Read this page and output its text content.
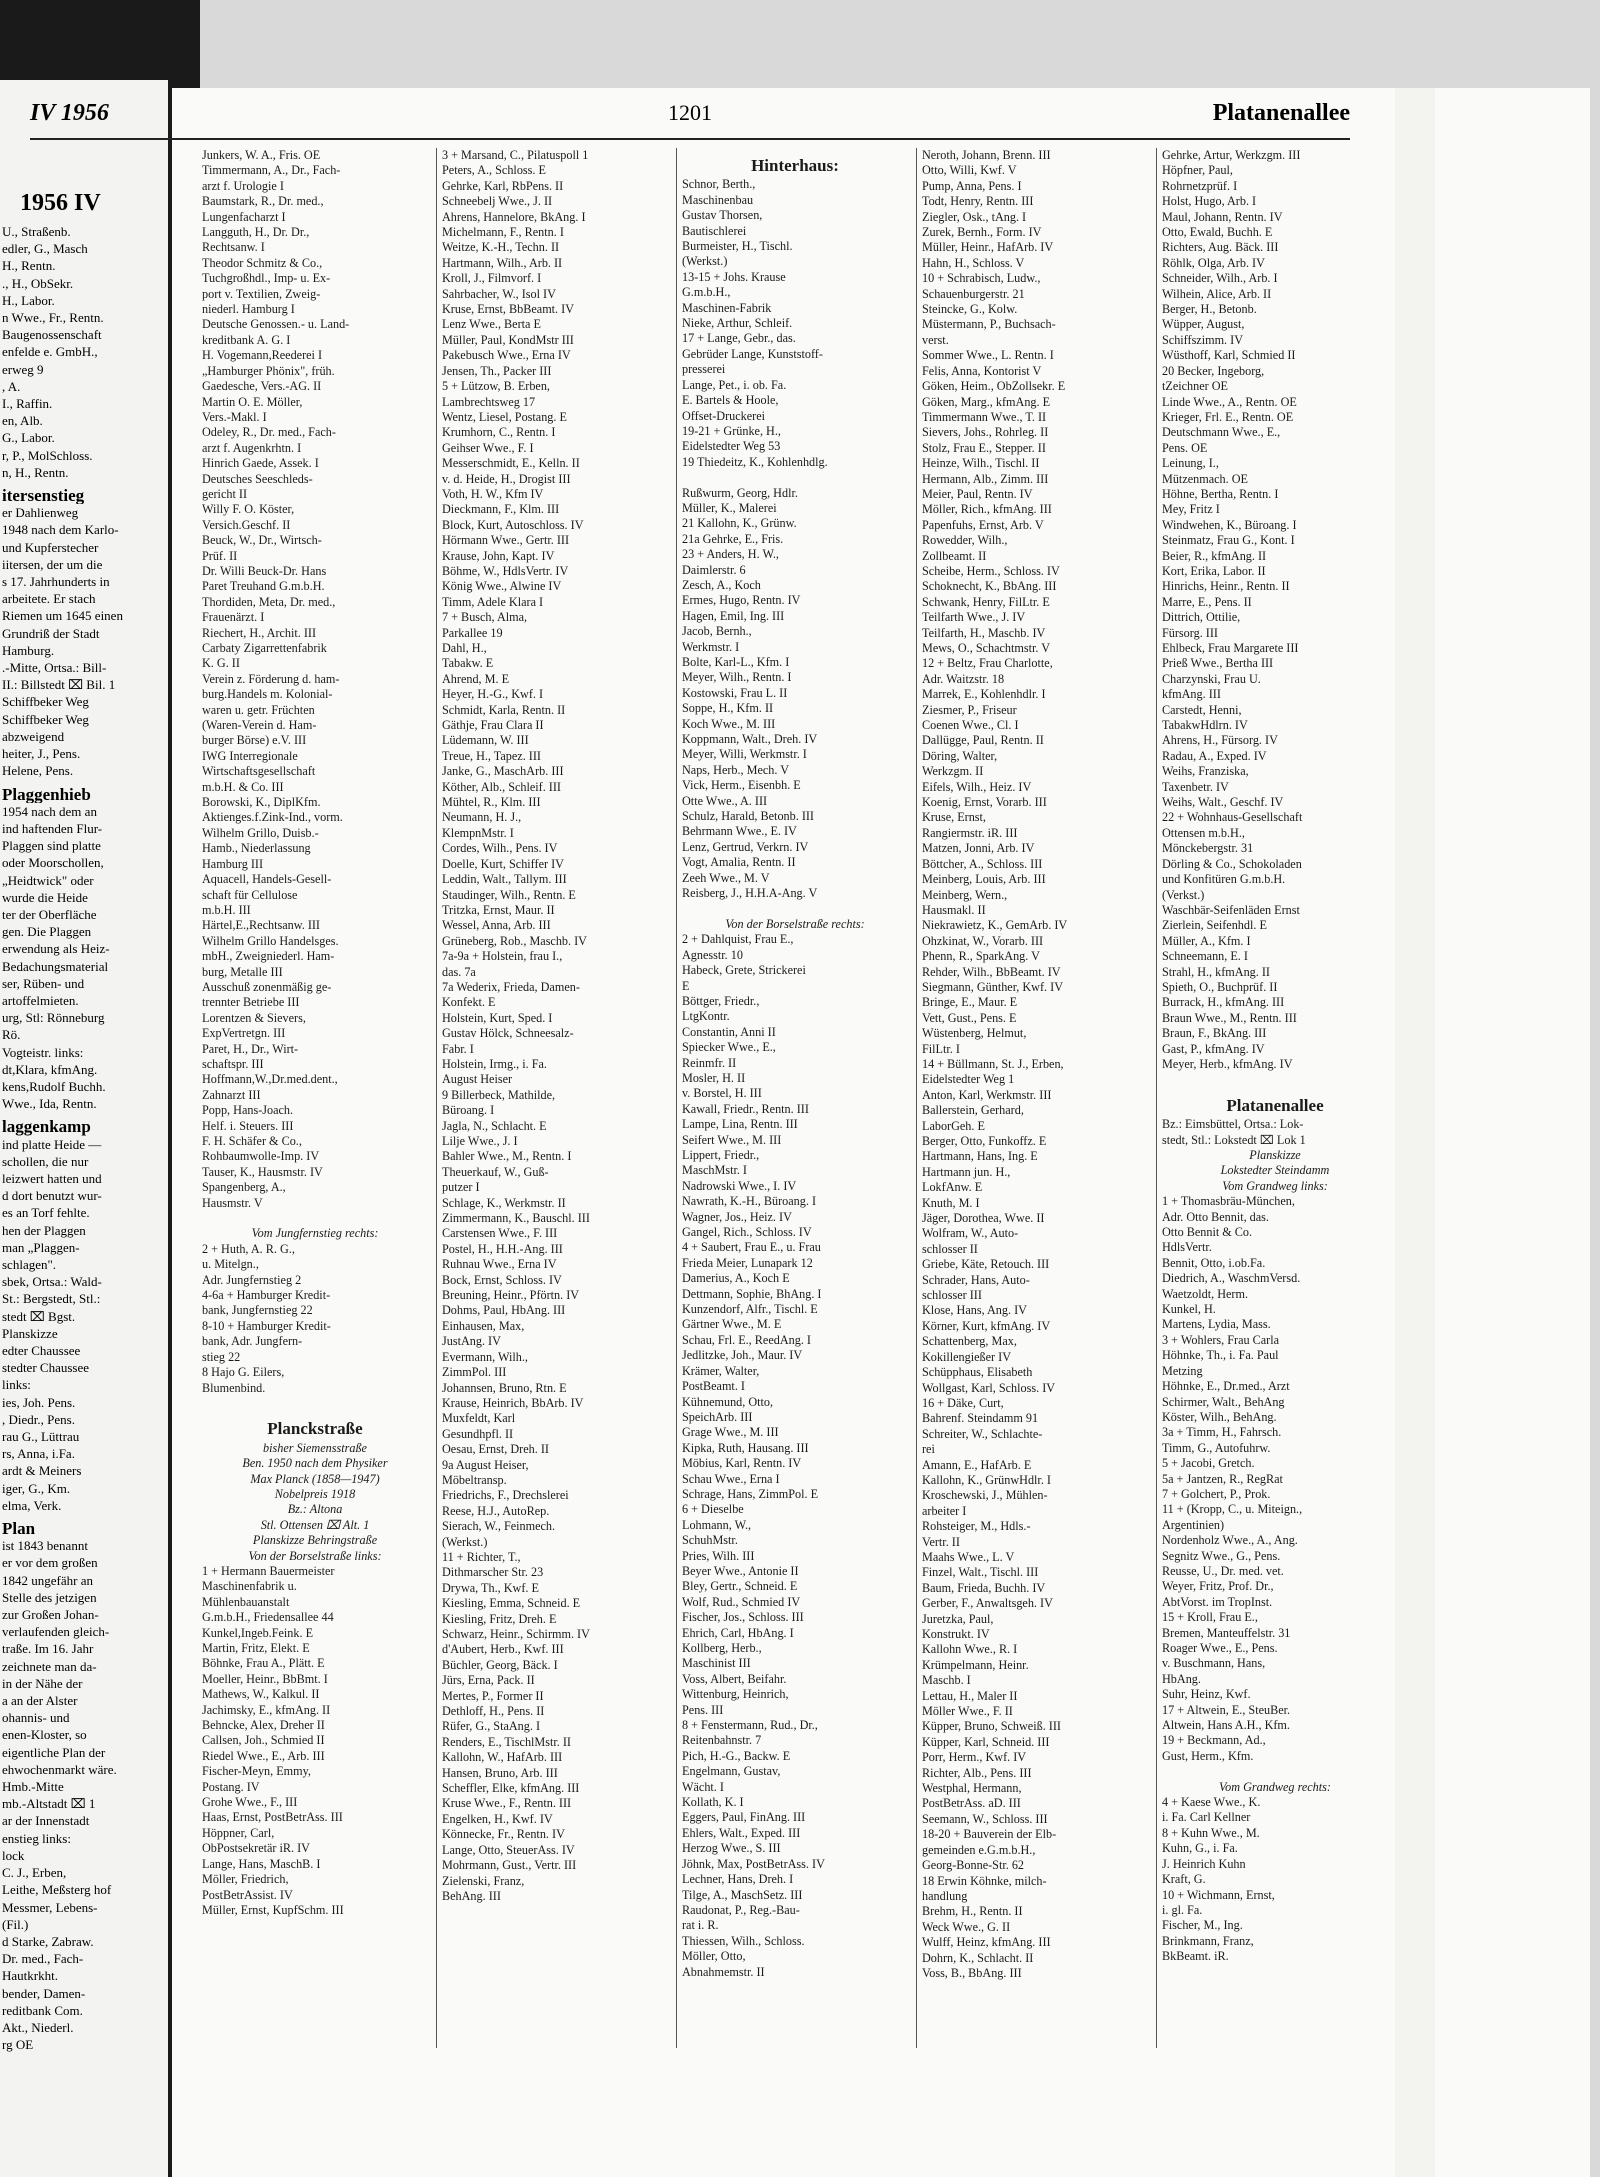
1956 IV
U., Straßenb.
edler, G., Masch
H., Rentn.
., H., ObSekr.
H., Labor.
n Wwe., Fr., Rentn.
Baugenossenschaft
enfelde e. GmbH.,
erweg 9
, A.
I., Raffin.
en, Alb.
G., Labor.
r, P., MolSchloss.
n, H., Rentn.
itersenstieg
er Dahlienweg
1948 nach dem Karlo-
und Kupferstecher
iitersen, der um die
s 17. Jahrhunderts in
arbeitete. Er stach
Riemen um 1645 einen
Grundriß der Stadt
Hamburg.
.-Mitte, Ortsa.: Bill-
II.: Billstedt ⌧ Bil. 1
Schiffbeker Weg
Schiffbeker Weg
abzweigend
heiter, J., Pens.
Helene, Pens.
Plaggenhieb
1954 nach dem an
ind haftenden Flur-
Plaggen sind platte
oder Moorschollen,
„Heidtwick" oder
wurde die Heide
ter der Oberfläche
gen. Die Plaggen
erwendung als Heiz-
Bedachungsmaterial
ser, Rüben- und
artoffelmieten.
urg, Stl: Rönneburg
Rö.
Vogteistr. links:
dt,Klara, kfmAng.
kens,Rudolf Buchh.
Wwe., Ida, Rentn.
laggenkamp
ind platte Heide —
schollen, die nur
leizwert hatten und
d dort benutzt wur-
es an Torf fehlte.
hen der Plaggen
man „Plaggen-
schlagen".
sbek, Ortsa.: Wald-
St.: Bergstedt, Stl.:
stedt ⌧ Bgst.
Planskizze
edter Chaussee
stedter Chaussee
links:
ies, Joh. Pens.
, Diedr., Pens.
rau G., Lüttrau
rs, Anna, i.Fa.
ardt & Meiners
iger, G., Km.
elma, Verk.
Plan
ist 1843 benannt
er vor dem großen
1842 ungefähr an
Stelle des jetzigen
zur Großen Johan-
verlaufenden gleich-
traße. Im 16. Jahr
zeichnete man da-
in der Nähe der
a an der Alster
ohannis- und
enen-Kloster, so
eigentliche Plan der
ehwochenmarkt wäre.
Hmb.-Mitte
mb.-Altstadt ⌧ 1
ar der Innenstadt
enstieg links:
lock
C. J., Erben,
Leithe, Meßsterg hof
Messmer, Lebens-
(Fil.)
d Starke, Zabraw.
Dr. med., Fach-
Hautkrkht.
bender, Damen-
reditbank Com.
Akt., Niederl.
rg OE
IV 1956	1201	Platanenallee
Junkers, W. A., Fris. OE
Timmermann, A., Dr., Fach-
arzt f. Urologie I
Baumstark, R., Dr. med.,
Lungenfacharzt I
Langguth, H., Dr. Dr.,
Rechtsanw. I
Theodor Schmitz & Co.,
Tuchgroßhdl., Imp- u. Ex-
port v. Textilien, Zweig-
niederl. Hamburg I
Deutsche Genossen.- u. Land-
kreditbank A. G. I
H. Vogemann,Reederei I
„Hamburger Phönix", früh.
Gaedesche, Vers.-AG. II
Martin O. E. Möller,
Vers.-Makl. I
Odeley, R., Dr. med., Fach-
arzt f. Augenkrhtn. I
Hinrich Gaede, Assek. I
Deutsches Seeschleds-
gericht II
Willy F. O. Köster,
Versich.Geschf. II
Beuck, W., Dr., Wirtsch-
Prüf. II
Dr. Willi Beuck-Dr. Hans
Paret Treuhand G.m.b.H.
Thordiden, Meta, Dr. med.,
Frauenärzt. I
Riechert, H., Archit. III
Carbaty Zigarrettenfabrik
K. G. II
Verein z. Förderung d. ham-
burg.Handels m. Kolonial-
waren u. getr. Früchten
(Waren-Verein d. Ham-
burger Börse) e.V. III
IWG Interregionale
Wirtschaftsgesellschaft
m.b.H. & Co. III
Borowski, K., DiplKfm.
Aktienges.f.Zink-Ind., vorm.
Wilhelm Grillo, Duisb.-
Hamb., Niederlassung
Hamburg III
Aquacell, Handels-Gesell-
schaft für Cellulose
m.b.H. III
Härtel,E.,Rechtsanw. III
Wilhelm Grillo Handelsges.
mbH., Zweigniederl. Ham-
burg, Metalle III
Ausschuß zonenmäßig ge-
trennter Betriebe III
Lorentzen & Sievers,
ExpVertretgn. III
Paret, H., Dr., Wirt-
schaftspr. III
Hoffmann,W.,Dr.med.dent.,
Zahnarzt III
Popp, Hans-Joach.
Helf. i. Steuers. III
F. H. Schäfer & Co.,
Rohbaumwolle-Imp. IV
Tauser, K., Hausmstr. IV
Spangenberg, A.,
Hausmstr. V

Vom Jungfernstieg rechts:
2 + Huth, A. R. G.,
u. Mitelgn.,
Adr. Jungfernstieg 2
4-6a + Hamburger Kredit-
bank, Jungfernstieg 22
8-10 + Hamburger Kredit-
bank, Adr. Jungfern-
stieg 22
8 Hajo G. Eilers,
Blumenbind.

Planckstraße
bisher Siemensstraße
Ben. 1950 nach dem Physiker
Max Planck (1858—1947)
Nobelpreis 1918
Bz.: Altona
Stl. Ottensen ⌧ Alt. 1
Planskizze Behringstraße
Von der Borselstraße links:
1 + Hermann Bauermeister
Maschinenfabrik u.
Mühlenbauanstalt
G.m.b.H., Friedensallee 44
Kunkel,Ingeb.Feink. E
Martin, Fritz, Elekt. E
Böhnke, Frau A., Plätt. E
Moeller, Heinr., BbBmt. I
Mathews, W., Kalkul. II
Jachimsky, E., kfmAng. II
Behncke, Alex, Dreher II
Callsen, Joh., Schmied II
Riedel Wwe., E., Arb. III
Fischer-Meyn, Emmy,
Postang. IV
Grohe Wwe., F., III
Haas, Ernst, PostBetrAss. III
Höppner, Carl,
ObPostsekretär iR. IV
Lange, Hans, MaschB. I
Möller, Friedrich,
PostBetrAssist. IV
Müller, Ernst, KupfSchm. III
3 + Marsand, C., Pilatuspoll 1
Peters, A., Schloss. E
Gehrke, Karl, RbPens. II
Schneebelj Wwe., J. II
Ahrens, Hannelore, BkAng. I
Michelmann, F., Rentn. I
Weitze, K.-H., Techn. II
Hartmann, Wilh., Arb. II
Kroll, J., Filmvorf. I
Sahrbacher, W., Isol IV
Kruse, Ernst, BbBeamt. IV
Lenz Wwe., Berta E
Müller, Paul, KondMstr III
Pakebusch Wwe., Erna IV
Jensen, Th., Packer III
5 + Lützow, B. Erben,
Lambrechtsweg 17
Wentz, Liesel, Postang. E
Krumhorn, C., Rentn. I
Geihser Wwe., F. I
Messerschmidt, E., Kelln. II
v. d. Heide, H., Drogist III
Voth, H. W., Kfm IV
Dieckmann, F., Klm. III
Block, Kurt, Autoschloss. IV
Hörmann Wwe., Gertr. III
Krause, John, Kapt. IV
Böhme, W., HdlsVertr. IV
König Wwe., Alwine IV
Timm, Adele Klara I
7 + Busch, Alma,
Parkallee 19
Dahl, H.,
Tabakw. E
Ahrend, M. E
Heyer, H.-G., Kwf. I
Schmidt, Karla, Rentn. II
Gäthje, Frau Clara II
Lüdemann, W. III
Treue, H., Tapez. III
Janke, G., MaschArb. III
Köther, Alb., Schleif. III
Mühtel, R., Klm. III
Neumann, H. J.,
KlempnMstr. I
Cordes, Wilh., Pens. IV
Doelle, Kurt, Schiffer IV
Leddin, Walt., Tallym. III
Staudinger, Wilh., Rentn. E
Tritzka, Ernst, Maur. II
Wessel, Anna, Arb. III
Grüneberg, Rob., Maschb. IV
7a-9a + Holstein, frau I.,
das. 7a
7a Wederix, Frieda, Damen-
Konfekt. E
Holstein, Kurt, Sped. I
Gustav Hölck, Schneesalz-
Fabr. I
Holstein, Irmg., i. Fa.
August Heiser
9 Billerbeck, Mathilde,
Büroang. I
Jagla, N., Schlacht. E
Lilje Wwe., J. I
Bahler Wwe., M., Rentn. I
Theuerkauf, W., Guß-
putzer I
Schlage, K., Werkmstr. II
Zimmermann, K., Bauschl. III
Carstensen Wwe., F. III
Postel, H., H.H.-Ang. III
Ruhnau Wwe., Erna IV
Bock, Ernst, Schloss. IV
Breuning, Heinr., Pförtn. IV
Dohms, Paul, HbAng. III
Einhausen, Max,
JustAng. IV
Evermann, Wilh.,
ZimmPol. III
Johannsen, Bruno, Rtn. E
Krause, Heinrich, BbArb. IV
Muxfeldt, Karl
Gesundhpfl. II
Oesau, Ernst, Dreh. II
9a August Heiser,
Möbeltransp.
Friedrichs, F., Drechslerei
Reese, H.J., AutoRep.
Sierach, W., Feinmech.
(Werkst.)
11 + Richter, T.,
Dithmarscher Str. 23
Drywa, Th., Kwf. E
Kiesling, Emma, Schneid. E
Kiesling, Fritz, Dreh. E
Schwarz, Heinr., Schirmm. IV
d'Aubert, Herb., Kwf. III
Büchler, Georg, Bäck. I
Jürs, Erna, Pack. II
Mertes, P., Former II
Dethloff, H., Pens. II
Rüfer, G., StaAng. I
Renders, E., TischlMstr. II
Kallohn, W., HafArb. III
Hansen, Bruno, Arb. III
Scheffler, Elke, kfmAng. III
Kruse Wwe., F., Rentn. III
Engelken, H., Kwf. IV
Könnecke, Fr., Rentn. IV
Lange, Otto, SteuerAss. IV
Mohrmann, Gust., Vertr. III
Zielenski, Franz,
BehAng. III
Hinterhaus:
Schnor, Berth.,
Maschinenbau
Gustav Thorsen,
Bautischlerei
Burmeister, H., Tischl.
(Werkst.)
13-15 + Johs. Krause
G.m.b.H.,
Maschinen-Fabrik
Nieke, Arthur, Schleif.
17 + Lange, Gebr., das.
Gebrüder Lange, Kunststoff-
presserei
Lange, Pet., i. ob. Fa.
E. Bartels & Hoole,
Offset-Druckerei
19-21 + Grünke, H.,
Eidelstedter Weg 53
19 Thiedeitz, K., Kohlenhdlg.

Rußwurm, Georg, Hdlr.
Müller, K., Malerei
21 Kallohn, K., Grünw.
21a Gehrke, E., Fris.
23 + Anders, H. W.,
Daimlerstr. 6
Zesch, A., Koch
Ermes, Hugo, Rentn. IV
Hagen, Emil, Ing. III
Jacob, Bernh.,
Werkmstr. I
Bolte, Karl-L., Kfm. I
Meyer, Wilh., Rentn. I
Kostowski, Frau L. II
Soppe, H., Kfm. II
Koch Wwe., M. III
Koppmann, Walt., Dreh. IV
Meyer, Willi, Werkmstr. I
Naps, Herb., Mech. V
Vick, Herm., Eisenbh. E
Otte Wwe., A. III
Schulz, Harald, Betonb. III
Behrmann Wwe., E. IV
Lenz, Gertrud, Verkrn. IV
Vogt, Amalia, Rentn. II
Zeeh Wwe., M. V
Reisberg, J., H.H.A-Ang. V

Von der Borselstraße rechts:
2 + Dahlquist, Frau E.,
Agnesstr. 10
Habeck, Grete, Strickerei
E
Böttger, Friedr.,
LtgKontr.
Constantin, Anni II
Spiecker Wwe., E.,
Reinmfr. II
Mosler, H. II
v. Borstel, H. III
Kawall, Friedr., Rentn. III
Lampe, Lina, Rentn. III
Seifert Wwe., M. III
Lippert, Friedr.,
MaschMstr. I
Nadrowski Wwe., I. IV
Nawrath, K.-H., Büroang. I
Wagner, Jos., Heiz. IV
Gangel, Rich., Schloss. IV
4 + Saubert, Frau E., u. Frau
Frieda Meier, Lunapark 12
Damerius, A., Koch E
Dettmann, Sophie, BhAng. I
Kunzendorf, Alfr., Tischl. E
Gärtner Wwe., M. E
Schau, Frl. E., ReedAng. I
Jedlitzke, Joh., Maur. IV
Krämer, Walter,
PostBeamt. I
Kühnemund, Otto,
SpeichArb. III
Grage Wwe., M. III
Kipka, Ruth, Hausang. III
Möbius, Karl, Rentn. IV
Schau Wwe., Erna I
Schrage, Hans, ZimmPol. E
6 + Dieselbe
Lohmann, W.,
SchuhMstr.
Pries, Wilh. III
Beyer Wwe., Antonie II
Bley, Gertr., Schneid. E
Wolf, Rud., Schmied IV
Fischer, Jos., Schloss. III
Ehrich, Carl, HbAng. I
Kollberg, Herb.,
Maschinist III
Voss, Albert, Beifahr.
Wittenburg, Heinrich,
Pens. III
8 + Fenstermann, Rud., Dr.,
Reitenbahnstr. 7
Pich, H.-G., Backw. E
Engelmann, Gustav,
Wächt. I
Kollath, K. I
Eggers, Paul, FinAng. III
Ehlers, Walt., Exped. III
Herzog Wwe., S. III
Jöhnk, Max, PostBetrAss. IV
Lechner, Hans, Dreh. I
Tilge, A., MaschSetz. III
Raudonat, P., Reg.-Bau-
rat i. R.
Thiessen, Wilh., Schloss.
Möller, Otto,
Abnahmemstr. II
Neroth, Johann, Brenn. III
Otto, Willi, Kwf. V
Pump, Anna, Pens. I
Todt, Henry, Rentn. III
Ziegler, Osk., tAng. I
Zurek, Bernh., Form. IV
Müller, Heinr., HafArb. IV
Hahn, H., Schloss. V
10 + Schrabisch, Ludw.,
Schauenburgerstr. 21
Steincke, G., Kolw.
Müstermann, P., Buchsach-
verst.
Sommer Wwe., L. Rentn. I
Felis, Anna, Kontorist V
Göken, Heim., ObZollsekr. E
Göken, Marg., kfmAng. E
Timmermann Wwe., T. II
Sievers, Johs., Rohrleg. II
Stolz, Frau E., Stepper. II
Heinze, Wilh., Tischl. II
Hermann, Alb., Zimm. III
Meier, Paul, Rentn. IV
Möller, Rich., kfmAng. III
Papenfuhs, Ernst, Arb. V
Rowedder, Wilh.,
Zollbeamt. II
Scheibe, Herm., Schloss. IV
Schoknecht, K., BbAng. III
Schwank, Henry, FilLtr. E
Teilfarth Wwe., J. IV
Teilfarth, H., Maschb. IV
Mews, O., Schachtmstr. V
12 + Beltz, Frau Charlotte,
Adr. Waitzstr. 18
Marrek, E., Kohlenhdlr. I
Ziesmer, P., Friseur
Coenen Wwe., Cl. I
Dallügge, Paul, Rentn. II
Döring, Walter,
Werkzgm. II
Eifels, Wilh., Heiz. IV
Koenig, Ernst, Vorarb. III
Kruse, Ernst,
Rangiermstr. iR. III
Matzen, Jonni, Arb. IV
Böttcher, A., Schloss. III
Meinberg, Louis, Arb. III
Meinberg, Wern.,
Hausmakl. II
Niekrawietz, K., GemArb. IV
Ohzkinat, W., Vorarb. III
Phenn, R., SparkAng. V
Rehder, Wilh., BbBeamt. IV
Siegmann, Günther, Kwf. IV
Bringe, E., Maur. E
Vett, Gust., Pens. E
Wüstenberg, Helmut,
FilLtr. I
14 + Büllmann, St. J., Erben,
Eidelstedter Weg 1
Anton, Karl, Werkmstr. III
Ballerstein, Gerhard,
LaborGeh. E
Berger, Otto, Funkoffz. E
Hartmann, Hans, Ing. E
Hartmann jun. H.,
LokfAnw. E
Knuth, M. I
Jäger, Dorothea, Wwe. II
Wolfram, W., Auto-
schlosser II
Griebe, Käte, Retouch. III
Schrader, Hans, Auto-
schlosser III
Klose, Hans, Ang. IV
Körner, Kurt, kfmAng. IV
Schattenberg, Max,
Kokillengießer IV
Schüpphaus, Elisabeth
Wollgast, Karl, Schloss. IV
16 + Däke, Curt,
Bahrenf. Steindamm 91
Schreiter, W., Schlachte-
rei
Amann, E., HafArb. E
Kallohn, K., GrünwHdlr. I
Kroschewski, J., Mühlen-
arbeiter I
Rohsteiger, M., Hdls.-
Vertr. II
Maahs Wwe., L. V
Finzel, Walt., Tischl. III
Baum, Frieda, Buchh. IV
Gerber, F., Anwaltsgeh. IV
Juretzka, Paul,
Konstrukt. IV
Kallohn Wwe., R. I
Krümpelmann, Heinr.
Maschb. I
Lettau, H., Maler II
Möller Wwe., F. II
Küpper, Bruno, Schweiß. III
Küpper, Karl, Schneid. III
Porr, Herm., Kwf. IV
Richter, Alb., Pens. III
Westphal, Hermann,
PostBetrAss. aD. III
Seemann, W., Schloss. III
18-20 + Bauverein der Elb-
gemeinden e.G.m.b.H.,
Georg-Bonne-Str. 62
18 Erwin Köhnke, milch-
handlung
Brehm, H., Rentn. II
Weck Wwe., G. II
Wulff, Heinz, kfmAng. III
Dohrn, K., Schlacht. II
Voss, B., BbAng. III
Gehrke, Artur, Werkzgm. III
Höpfner, Paul,
Rohrnetzprüf. I
Holst, Hugo, Arb. I
Maul, Johann, Rentn. IV
Otto, Ewald, Buchh. E
Richters, Aug. Bäck. III
Röhlk, Olga, Arb. IV
Schneider, Wilh., Arb. I
Wilhein, Alice, Arb. II
Berger, H., Betonb.
Wüpper, August,
Schiffszimm. IV
Wüsthoff, Karl, Schmied II
20 Becker, Ingeborg,
tZeichner OE
Linde Wwe., A., Rentn. OE
Krieger, Frl. E., Rentn. OE
Deutschmann Wwe., E.,
Pens. OE
Leinung, I.,
Mützenmach. OE
Höhne, Bertha, Rentn. I
Mey, Fritz I
Windwehen, K., Büroang. I
Steinmatz, Frau G., Kont. I
Beier, R., kfmAng. II
Kort, Erika, Labor. II
Hinrichs, Heinr., Rentn. II
Marre, E., Pens. II
Dittrich, Ottilie,
Fürsorg. III
Ehlbeck, Frau Margarete III
Prieß Wwe., Bertha III
Charzynski, Frau U.
kfmAng. III
Carstedt, Henni,
TabakwHdlrn. IV
Ahrens, H., Fürsorg. IV
Radau, A., Exped. IV
Weihs, Franziska,
Taxenbetr. IV
Weihs, Walt., Geschf. IV
22 + Wohnhaus-Gesellschaft
Ottensen m.b.H.,
Mönckebergstr. 31
Dörling & Co., Schokoladen
und Konfitüren G.m.b.H.
(Verkst.)
Waschbär-Seifenläden Ernst
Zierlein, Seifenhdl. E
Müller, A., Kfm. I
Schneemann, E. I
Strahl, H., kfmAng. II
Spieth, O., Buchprüf. II
Burrack, H., kfmAng. III
Braun Wwe., M., Rentn. III
Braun, F., BkAng. III
Gast, P., kfmAng. IV
Meyer, Herb., kfmAng. IV

Platanenallee
Bz.: Eimsbüttel, Ortsa.: Lok-
stedt, Stl.: Lokstedt ⌧ Lok 1
Planskizze
Lokstedter Steindamm
Vom Grandweg links:
1 + Thomasbräu-München,
Adr. Otto Bennit, das.
Otto Bennit & Co.
HdlsVertr.
Bennit, Otto, i.ob.Fa.
Diedrich, A., WaschmVersd.
Waetzoldt, Herm.
Kunkel, H.
Martens, Lydia, Mass.
3 + Wohlers, Frau Carla
Höhnke, Th., i. Fa. Paul
Metzing
Höhnke, E., Dr.med., Arzt
Schirmer, Walt., BehAng
Köster, Wilh., BehAng.
3a + Timm, H., Fahrsch.
Timm, G., Autofuhrw.
5 + Jacobi, Gretch.
5a + Jantzen, R., RegRat
7 + Golchert, P., Prok.
11 + (Kropp, C., u. Miteign.,
Argentinien)
Nordenholz Wwe., A., Ang.
Segnitz Wwe., G., Pens.
Reusse, U., Dr. med. vet.
Weyer, Fritz, Prof. Dr.,
AbtVorst. im TropInst.
15 + Kroll, Frau E.,
Bremen, Manteuffelstr. 31
Roager Wwe., E., Pens.
v. Buschmann, Hans,
HbAng.
Suhr, Heinz, Kwf.
17 + Altwein, E., SteuBer.
Altwein, Hans A.H., Kfm.
19 + Beckmann, Ad.,
Gust, Herm., Kfm.

Vom Grandweg rechts:
4 + Kaese Wwe., K.
i. Fa. Carl Kellner
8 + Kuhn Wwe., M.
Kuhn, G., i. Fa.
J. Heinrich Kuhn
Kraft, G.
10 + Wichmann, Ernst,
i. gl. Fa.
Fischer, M., Ing.
Brinkmann, Franz,
BkBeamt. iR.
